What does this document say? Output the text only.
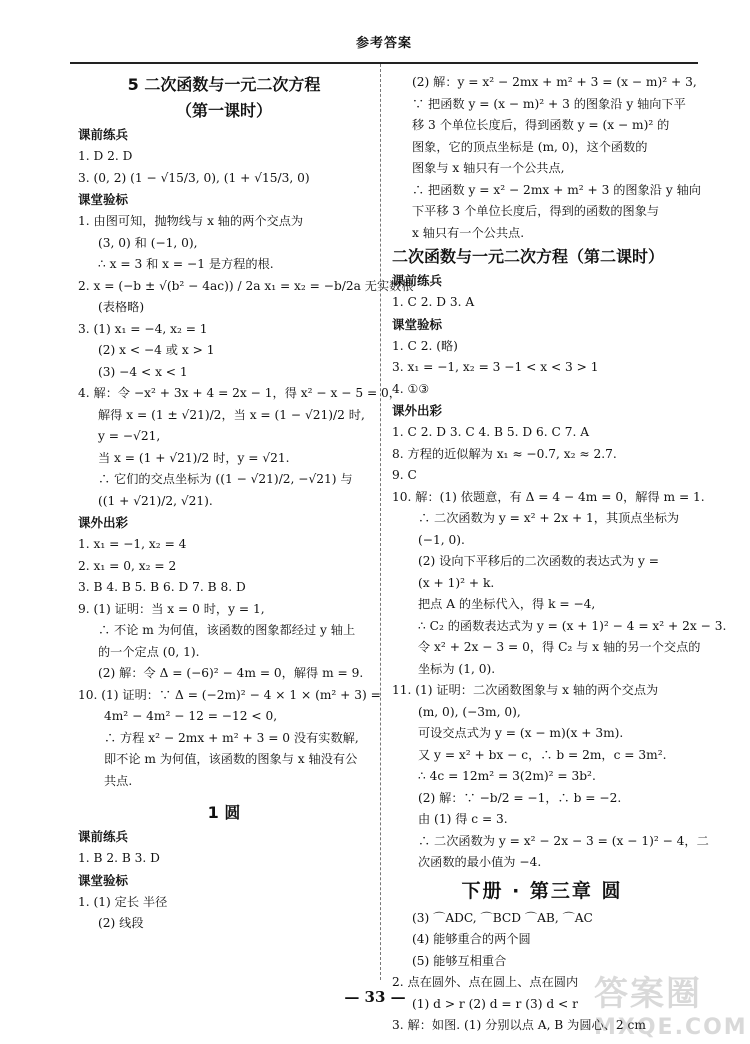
参考答案
5 二次函数与一元二次方程
（第一课时）
课前练兵
1. D 2. D
3. (0, 2) (1 − √15/3, 0), (1 + √15/3, 0)
课堂验标
1. 由图可知，抛物线与 x 轴的两个交点为
(3, 0) 和 (−1, 0),
∴ x = 3 和 x = −1 是方程的根.
2. x = (−b ± √(b² − 4ac)) / 2a x₁ = x₂ = −b/2a 无实数根
(表格略)
3. (1) x₁ = −4, x₂ = 1
(2) x < −4 或 x > 1
(3) −4 < x < 1
4. 解：令 −x² + 3x + 4 = 2x − 1，得 x² − x − 5 = 0，
解得 x = (1 ± √21)/2，当 x = (1 − √21)/2 时,
y = −√21,
当 x = (1 + √21)/2 时，y = √21.
∴ 它们的交点坐标为 ((1 − √21)/2, −√21) 与
((1 + √21)/2, √21).
课外出彩
1. x₁ = −1, x₂ = 4
2. x₁ = 0, x₂ = 2
3. B 4. B 5. B 6. D 7. B 8. D
9. (1) 证明：当 x = 0 时，y = 1,
∴ 不论 m 为何值，该函数的图象都经过 y 轴上
的一个定点 (0, 1).
(2) 解：令 Δ = (−6)² − 4m = 0，解得 m = 9.
10. (1) 证明：∵ Δ = (−2m)² − 4 × 1 × (m² + 3) =
4m² − 4m² − 12 = −12 < 0,
∴ 方程 x² − 2mx + m² + 3 = 0 没有实数解,
即不论 m 为何值，该函数的图象与 x 轴没有公
共点.
1 圆
课前练兵
1. B 2. B 3. D
课堂验标
1. (1) 定长 半径
(2) 线段
(2) 解：y = x² − 2mx + m² + 3 = (x − m)² + 3,
∵ 把函数 y = (x − m)² + 3 的图象沿 y 轴向下平
移 3 个单位长度后，得到函数 y = (x − m)² 的
图象，它的顶点坐标是 (m, 0)，这个函数的
图象与 x 轴只有一个公共点,
∴ 把函数 y = x² − 2mx + m² + 3 的图象沿 y 轴向
下平移 3 个单位长度后，得到的函数的图象与
x 轴只有一个公共点.
二次函数与一元二次方程（第二课时）
课前练兵
1. C 2. D 3. A
课堂验标
1. C 2. (略)
3. x₁ = −1, x₂ = 3 −1 < x < 3 > 1
4. ①③
课外出彩
1. C 2. D 3. C 4. B 5. D 6. C 7. A
8. 方程的近似解为 x₁ ≈ −0.7, x₂ ≈ 2.7.
9. C
10. 解：(1) 依题意，有 Δ = 4 − 4m = 0，解得 m = 1.
∴ 二次函数为 y = x² + 2x + 1，其顶点坐标为
(−1, 0).
(2) 设向下平移后的二次函数的表达式为 y =
(x + 1)² + k.
把点 A 的坐标代入，得 k = −4,
∴ C₂ 的函数表达式为 y = (x + 1)² − 4 = x² + 2x − 3.
令 x² + 2x − 3 = 0，得 C₂ 与 x 轴的另一个交点的
坐标为 (1, 0).
11. (1) 证明：二次函数图象与 x 轴的两个交点为
(m, 0), (−3m, 0),
可设交点式为 y = (x − m)(x + 3m).
又 y = x² + bx − c，∴ b = 2m，c = 3m².
∴ 4c = 12m² = 3(2m)² = 3b².
(2) 解：∵ −b/2 = −1，∴ b = −2.
由 (1) 得 c = 3.
∴ 二次函数为 y = x² − 2x − 3 = (x − 1)² − 4，二
次函数的最小值为 −4.
下册 · 第三章 圆
(3) ⌒ADC, ⌒BCD ⌒AB, ⌒AC
(4) 能够重合的两个圆
(5) 能够互相重合
2. 点在圆外、点在圆上、点在圆内
(1) d > r (2) d = r (3) d < r
3. 解：如图. (1) 分别以点 A, B 为圆心、2 cm
— 33 —	答案圈
MXQE.COM
